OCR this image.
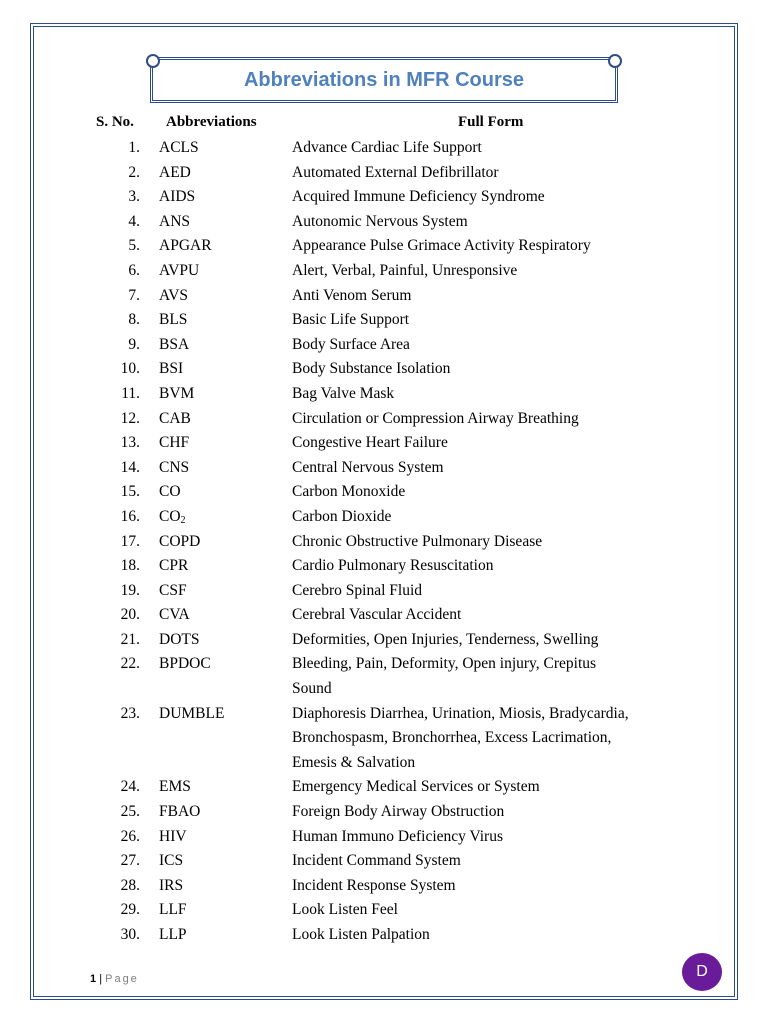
Abbreviations in MFR Course
S. No. Abbreviations	Full Form
1. ACLS	Advance Cardiac Life Support
2. AED	Automated External Defibrillator
3. AIDS	Acquired Immune Deficiency Syndrome
4. ANS	Autonomic Nervous System
5. APGAR	Appearance Pulse Grimace Activity Respiratory
6. AVPU	Alert, Verbal, Painful, Unresponsive
7. AVS	Anti Venom Serum
8. BLS	Basic Life Support
9. BSA	Body Surface Area
10. BSI	Body Substance Isolation
11. BVM	Bag Valve Mask
12. CAB	Circulation or Compression Airway Breathing
13. CHF	Congestive Heart Failure
14. CNS	Central Nervous System
15. CO	Carbon Monoxide
16. $CO_2$	Carbon Dioxide
17. COPD	Chronic Obstructive Pulmonary Disease
18. CPR	Cardio Pulmonary Resuscitation
19. CSF	Cerebro Spinal Fluid
20. CVA	Cerebral Vascular Accident
21. DOTS	Deformities, Open Injuries, Tenderness, Swelling
22. BPDOC	Bleeding, Pain, Deformity, Open injury, Crepitus
Sound
23. DUMBLE	Diaphoresis Diarrhea, Urination, Miosis, Bradycardia,
Bronchospasm, Bronchorrhea, Excess Lacrimation,
Emesis & Salvation
24. EMS	Emergency Medical Services or System
25. FBAO	Foreign Body Airway Obstruction
26. HIV	Human Immuno Deficiency Virus
27. ICS	Incident Command System
28. IRS	Incident Response System
29. LLF	Look Listen Feel
30. LLP	Look Listen Palpation
1 | Page	D
